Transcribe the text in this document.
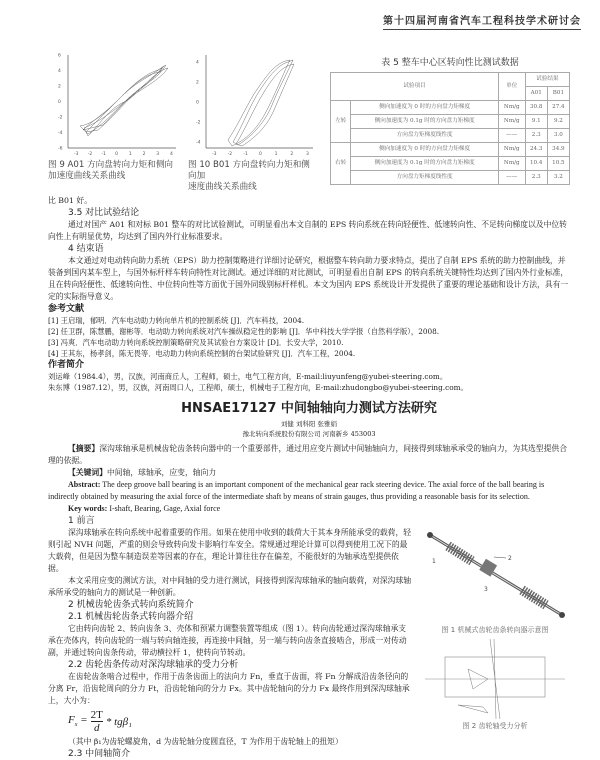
第十四届河南省汽车工程科技学术研讨会
6
4
2
0
-2
-4
-6
-3 -2 -1 0 1 2 3 4
图 9 A01 方向盘转向力矩和侧向
加速度曲线关系曲线
4
2
0
-2
-4
-3 -2 -1 0	1	2	3
图 10 B01 方向盘转向力矩和侧向加
速度曲线关系曲线
表 5 整车中心区转向性比测试数据
试验项目		单位	试验结果	
			A01	B01
左转	侧向加速度为 0 时的方向盘力矩梯度	Nm/g	30.8	27.4
	侧向加速度为 0.1g 时的方向盘力矩梯度	Nm/g	9.1	9.2
	方向盘力矩梯度线性度	——	2.3	3.0
右转	侧向加速度为 0 时的方向盘力矩梯度	Nm/g	24.3	34.9
	侧向加速度为 0.1g 时的方向盘力矩梯度	Nm/g	10.4	10.5
	方向盘力矩梯度线性度	——	2.3	3.2
比 B01 好。
3.5 对比试验结论
通过对国产 A01 和对标 B01 整车的对比试验测试，可明显看出本文自制的 EPS 转向系统在转向轻便性、低速转向性、不足转向梯度以及中位转向性上有明显优势，均达到了国内外行业标准要求。
4 结束语
本文通过对电动转向助力系统（EPS）助力控制策略进行详细讨论研究，根据整车转向助力要求特点，提出了自制 EPS 系统的助力控制曲线，并装备到国内某车型上，与国外标杆样车转向特性对比测试。通过详细的对比测试，可明显看出自制 EPS 的转向系统关键特性均达到了国内外行业标准，且在转向轻便性、低速转向性、中位转向性等方面优于国外同级别标杆样机。本文为国内 EPS 系统设计开发提供了重要的理论基础和设计方法，具有一定的实际指导意义。
参考文献
[1] 王启瑞，郁明．汽车电动助力转向单片机的控制系统 [J]．汽车科技，2004.
[2] 任卫群，陈慧鹏，谢彬等．电动助力转向系统对汽车操纵稳定性的影响 [J]．华中科技大学学报（自然科学版），2008.
[3] 冯爽．汽车电动助力转向系统控制策略研究及其试验台方案设计 [D]．长安大学，2010.
[4] 王其东，杨孝剑，陈无畏等．电动助力转向系统控制的台架试验研究 [J]．汽车工程，2004.
作者简介
刘运峰（1984.4），男，汉族，河南商丘人，工程师，硕士，电气工程方向，E-mail:liuyunfeng@yubei-steering.com。
朱东博（1987.12），男，汉族，河南周口人，工程师，硕士，机械电子工程方向，E-mail:zhudongbo@yubei-steering.com。
HNSAE17127 中间轴轴向力测试方法研究
刘健 刘科阳 张雅娟
豫北转向系统股份有限公司 河南新乡 453003
【摘要】深沟球轴承是机械齿轮齿条转向器中的一个重要部件，通过用应变片测试中间轴轴向力，间接得到球轴承承受的轴向力，为其选型提供合理的依据。
【关键词】中间轴，球轴承，应变，轴向力
Abstract: The deep groove ball bearing is an important component of the mechanical gear rack steering device. The axial force of the ball bearing is indirectly obtained by measuring the axial force of the intermediate shaft by means of strain gauges, thus providing a reasonable basis for its selection.
Key words: I-shaft, Bearing, Gage, Axial force
1 前言
1	2
3
图 1 机械式齿轮齿条转向器示意图
图 2 齿轮轴受力分析
深沟球轴承在转向系统中起着重要的作用。如果在使用中收到的载荷大于其本身所能承受的载荷，轻则引起 NVH 问题，严重的则会导致转向发卡影响行车安全。常规通过理论计算可以得到使用工况下的最大载荷，但是因为整车制造误差等因素的存在，理论计算往往存在偏差，不能很好的为轴承选型提供依据。
本文采用应变的测试方法，对中间轴的受力进行测试，间接得到深沟球轴承的轴向载荷，对深沟球轴承所承受的轴向力的测试是一种创新。
2 机械齿轮齿条式转向系统简介
2.1 机械齿轮齿条式转向器介绍
它由转向齿轮 2、转向齿条 3、壳体和预紧力调整装置等组成（图 1）。转向齿轮通过深沟球轴承支承在壳体内，转向齿轮的一端与转向轴连接，再连接中间轴，另一端与转向齿条直接啮合，形成一对传动副，并通过转向齿条传动，带动横拉杆 1，使转向节转动。
2.2 齿轮齿条传动对深沟球轴承的受力分析
在齿轮齿条啮合过程中，作用于齿条齿面上的法向力 Fn，垂直于齿面，将 Fn 分解成沿齿条径向的分离 Fr，沿齿轮周向的分力 Ft，沿齿轮轴向的分力 Fx。其中齿轮轴向的分力 Fx 最终作用到深沟球轴承上，大小为：
$F_x = \frac{2T}{d} * tg\beta_1$
（其中 β₁为齿轮螺旋角，d 为齿轮轴分度圆直径，T 为作用于齿轮轴上的扭矩）
2.3 中间轴简介
